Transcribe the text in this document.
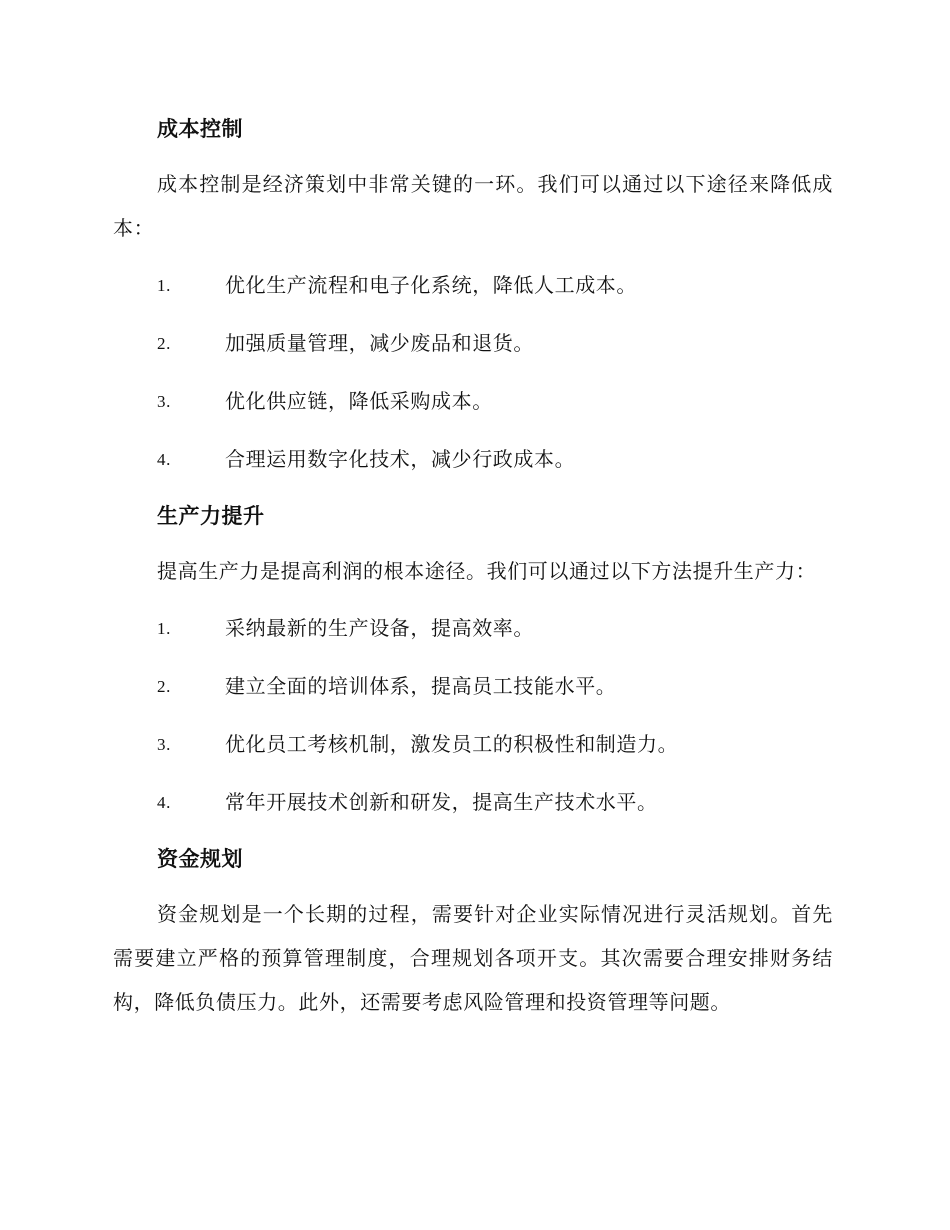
成本控制

成本控制是经济策划中非常关键的一环。我们可以通过以下途径来降低成本：

1.	优化生产流程和电子化系统，降低人工成本。
2.	加强质量管理，减少废品和退货。
3.	优化供应链，降低采购成本。
4.	合理运用数字化技术，减少行政成本。
生产力提升

提高生产力是提高利润的根本途径。我们可以通过以下方法提升生产力：

1.	采纳最新的生产设备，提高效率。
2.	建立全面的培训体系，提高员工技能水平。
3.	优化员工考核机制，激发员工的积极性和制造力。
4.	常年开展技术创新和研发，提高生产技术水平。
资金规划

资金规划是一个长期的过程，需要针对企业实际情况进行灵活规划。首先需要建立严格的预算管理制度，合理规划各项开支。其次需要合理安排财务结构，降低负债压力。此外，还需要考虑风险管理和投资管理等问题。
